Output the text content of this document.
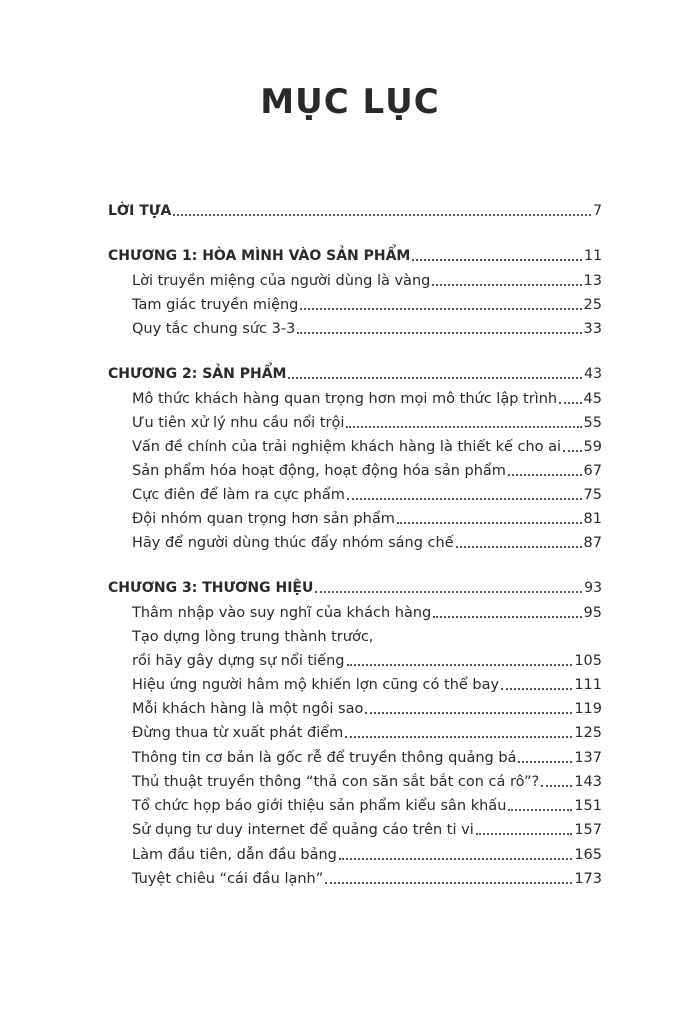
MỤC LỤC
LỜI TỰA	7
CHƯƠNG 1: HÒA MÌNH VÀO SẢN PHẨM	11
Lời truyền miệng của người dùng là vàng	13
Tam giác truyền miệng	25
Quy tắc chung sức 3-3	33
CHƯƠNG 2: SẢN PHẨM	43
Mô thức khách hàng quan trọng hơn mọi mô thức lập trình 45
Ưu tiên xử lý nhu cầu nổi trội	55
Vấn đề chính của trải nghiệm khách hàng là thiết kế cho ai 59
Sản phẩm hóa hoạt động, hoạt động hóa sản phẩm	67
Cực điên để làm ra cực phẩm	75
Đội nhóm quan trọng hơn sản phẩm	81
Hãy để người dùng thúc đẩy nhóm sáng chế	87
CHƯƠNG 3: THƯƠNG HIỆU	93
Thâm nhập vào suy nghĩ của khách hàng	95
Tạo dựng lòng trung thành trước,
rồi hãy gây dựng sự nổi tiếng	105
Hiệu ứng người hâm mộ khiến lợn cũng có thể bay	111
Mỗi khách hàng là một ngôi sao	119
Đừng thua từ xuất phát điểm	125
Thông tin cơ bản là gốc rễ để truyền thông quảng bá	137
Thủ thuật truyền thông “thả con săn sắt bắt con cá rô”? 143
Tổ chức họp báo giới thiệu sản phẩm kiểu sân khấu	151
Sử dụng tư duy internet để quảng cáo trên ti vi	157
Làm đầu tiên, dẫn đầu bảng	165
Tuyệt chiêu “cái đầu lạnh”	173
